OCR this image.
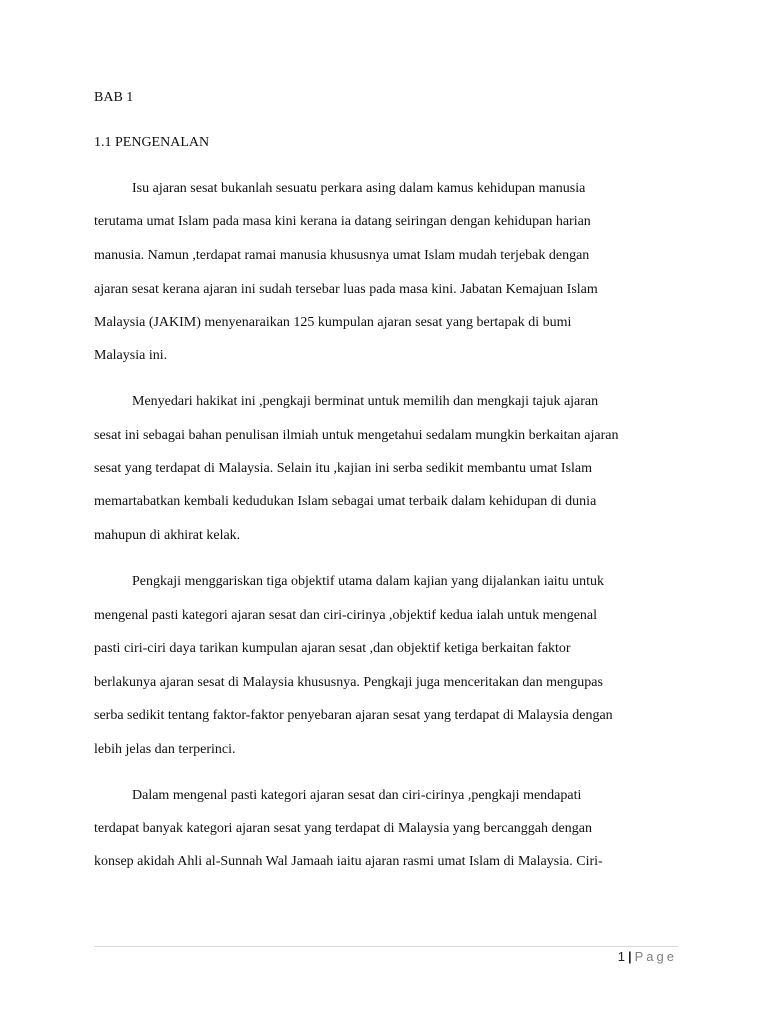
BAB 1
1.1 PENGENALAN
Isu ajaran sesat bukanlah sesuatu perkara asing dalam kamus kehidupan manusia
terutama umat Islam pada masa kini kerana ia datang seiringan dengan kehidupan harian
manusia. Namun ,terdapat ramai manusia khususnya umat Islam mudah terjebak dengan
ajaran sesat kerana ajaran ini sudah tersebar luas pada masa kini. Jabatan Kemajuan Islam
Malaysia (JAKIM) menyenaraikan 125 kumpulan ajaran sesat yang bertapak di bumi
Malaysia ini.
Menyedari hakikat ini ,pengkaji berminat untuk memilih dan mengkaji tajuk ajaran
sesat ini sebagai bahan penulisan ilmiah untuk mengetahui sedalam mungkin berkaitan ajaran
sesat yang terdapat di Malaysia. Selain itu ,kajian ini serba sedikit membantu umat Islam
memartabatkan kembali kedudukan Islam sebagai umat terbaik dalam kehidupan di dunia
mahupun di akhirat kelak.
Pengkaji menggariskan tiga objektif utama dalam kajian yang dijalankan iaitu untuk
mengenal pasti kategori ajaran sesat dan ciri-cirinya ,objektif kedua ialah untuk mengenal
pasti ciri-ciri daya tarikan kumpulan ajaran sesat ,dan objektif ketiga berkaitan faktor
berlakunya ajaran sesat di Malaysia khususnya. Pengkaji juga menceritakan dan mengupas
serba sedikit tentang faktor-faktor penyebaran ajaran sesat yang terdapat di Malaysia dengan
lebih jelas dan terperinci.
Dalam mengenal pasti kategori ajaran sesat dan ciri-cirinya ,pengkaji mendapati
terdapat banyak kategori ajaran sesat yang terdapat di Malaysia yang bercanggah dengan
konsep akidah Ahli al-Sunnah Wal Jamaah iaitu ajaran rasmi umat Islam di Malaysia. Ciri-
1 | Page
